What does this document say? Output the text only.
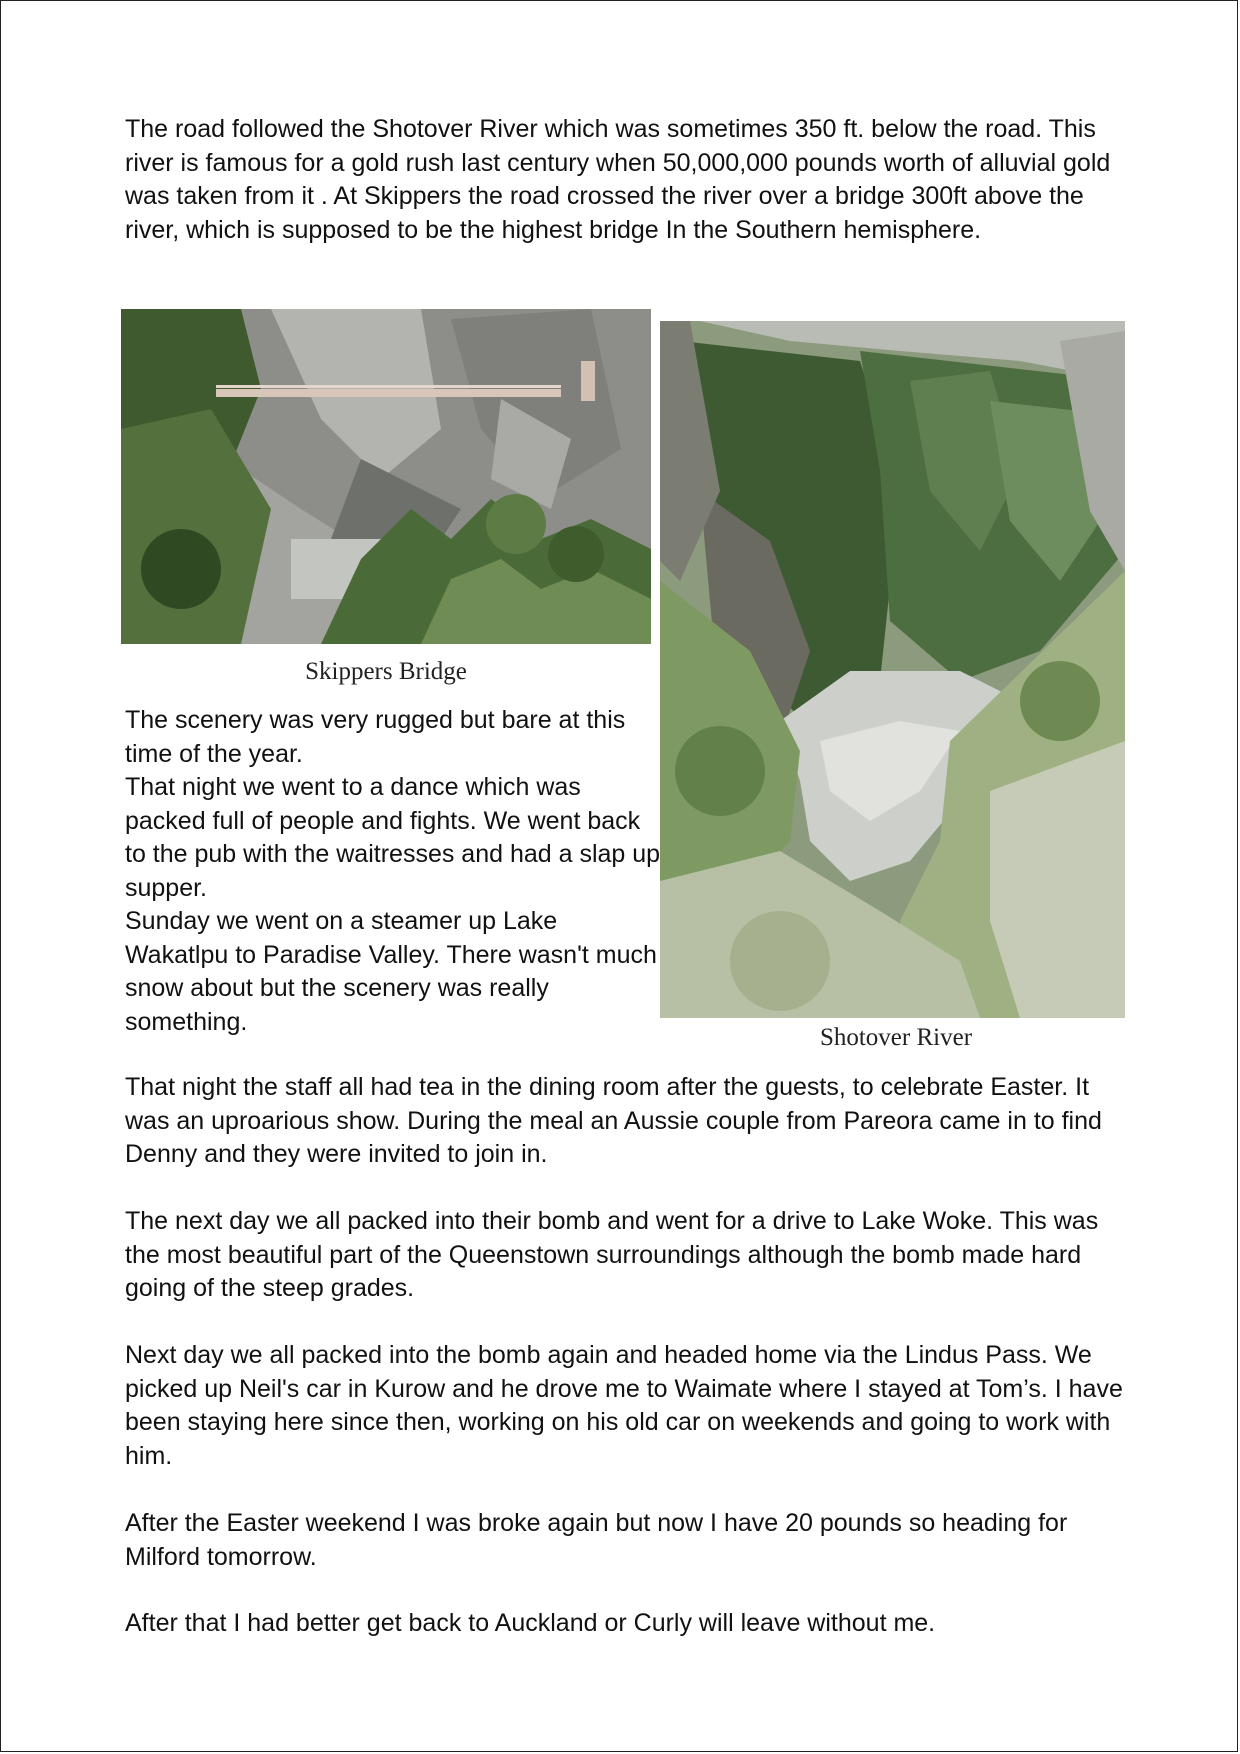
The road followed the Shotover River which was sometimes 350 ft. below the road. This river is famous for a gold rush last century when 50,000,000 pounds worth of alluvial gold was taken from it . At Skippers the road crossed the river over a bridge 300ft above the river, which is supposed to be the highest bridge In the Southern hemisphere.

Skippers Bridge

The scenery was very rugged but bare at this time of the year.

That night we went to a dance which was packed full of people and fights. We went back to the pub with the waitresses and had a slap up supper.

Sunday we went on a steamer up Lake Wakatlpu to Paradise Valley. There wasn't much snow about but the scenery was really something.

Shotover River

That night the staff all had tea in the dining room after the guests, to celebrate Easter. It was an uproarious show. During the meal an Aussie couple from Pareora came in to find Denny and they were invited to join in.

The next day we all packed into their bomb and went for a drive to Lake Woke. This was the most beautiful part of the Queenstown surroundings although the bomb made hard going of the steep grades.

Next day we all packed into the bomb again and headed home via the Lindus Pass. We picked up Neil's car in Kurow and he drove me to Waimate where I stayed at Tom’s. I have been staying here since then, working on his old car on weekends and going to work with him.

After the Easter weekend I was broke again but now I have 20 pounds so heading for Milford tomorrow.

After that I had better get back to Auckland or Curly will leave without me.
